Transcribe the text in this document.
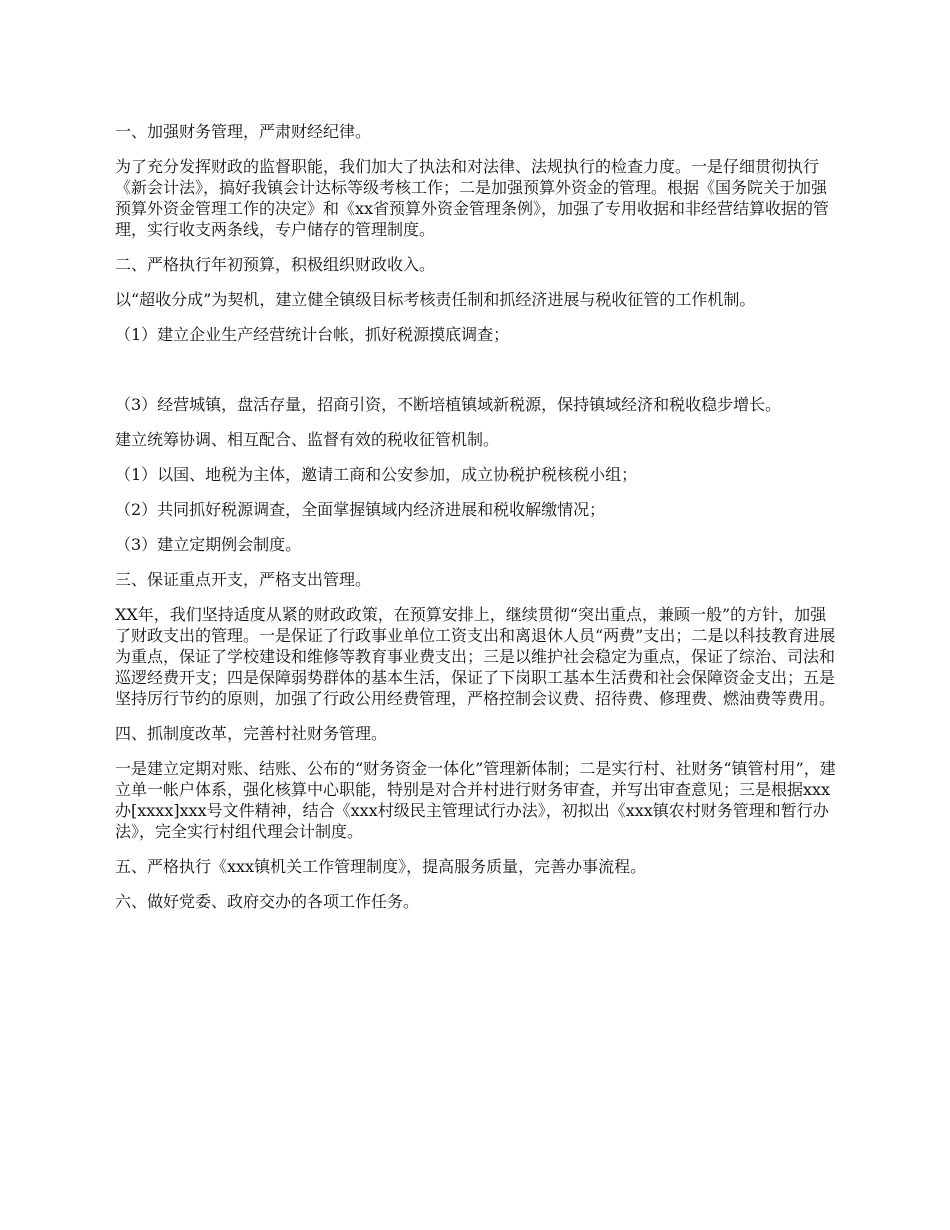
一、加强财务管理，严肃财经纪律。

为了充分发挥财政的监督职能，我们加大了执法和对法律、法规执行的检查力度。一是仔细贯彻执行《新会计法》，搞好我镇会计达标等级考核工作；二是加强预算外资金的管理。根据《国务院关于加强预算外资金管理工作的决定》和《xx省预算外资金管理条例》，加强了专用收据和非经营结算收据的管理，实行收支两条线，专户储存的管理制度。

二、严格执行年初预算，积极组织财政收入。

以“超收分成”为契机，建立健全镇级目标考核责任制和抓经济进展与税收征管的工作机制。

（1）建立企业生产经营统计台帐，抓好税源摸底调查；

（3）经营城镇，盘活存量，招商引资，不断培植镇域新税源，保持镇域经济和税收稳步增长。

建立统筹协调、相互配合、监督有效的税收征管机制。

（1）以国、地税为主体，邀请工商和公安参加，成立协税护税核税小组；

（2）共同抓好税源调查，全面掌握镇域内经济进展和税收解缴情况；

（3）建立定期例会制度。

三、保证重点开支，严格支出管理。

XX年，我们坚持适度从紧的财政政策，在预算安排上，继续贯彻“突出重点，兼顾一般”的方针，加强了财政支出的管理。一是保证了行政事业单位工资支出和离退休人员“两费”支出；二是以科技教育进展为重点，保证了学校建设和维修等教育事业费支出；三是以维护社会稳定为重点，保证了综治、司法和巡逻经费开支；四是保障弱势群体的基本生活，保证了下岗职工基本生活费和社会保障资金支出；五是坚持厉行节约的原则，加强了行政公用经费管理，严格控制会议费、招待费、修理费、燃油费等费用。

四、抓制度改革，完善村社财务管理。

一是建立定期对账、结账、公布的“财务资金一体化”管理新体制；二是实行村、社财务“镇管村用”，建立单一帐户体系，强化核算中心职能，特别是对合并村进行财务审查，并写出审查意见；三是根据xxx办[xxxx]xxx号文件精神，结合《xxx村级民主管理试行办法》，初拟出《xxx镇农村财务管理和暂行办法》，完全实行村组代理会计制度。

五、严格执行《xxx镇机关工作管理制度》，提高服务质量，完善办事流程。

六、做好党委、政府交办的各项工作任务。
